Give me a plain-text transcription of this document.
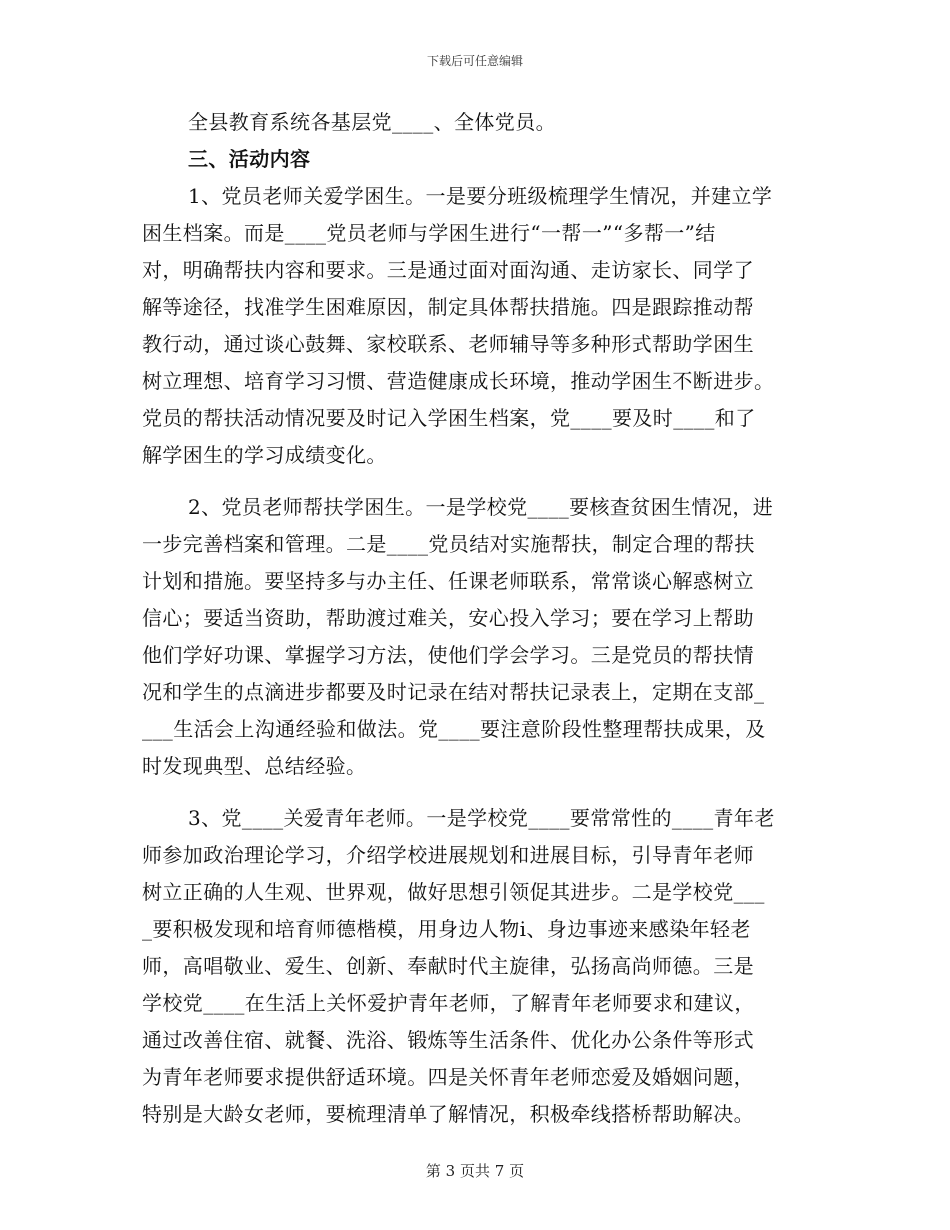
下载后可任意编辑
全县教育系统各基层党____、全体党员。
三、活动内容
1、党员老师关爱学困生。一是要分班级梳理学生情况，并建立学
困生档案。而是____党员老师与学困生进行“一帮一”“多帮一”结
对，明确帮扶内容和要求。三是通过面对面沟通、走访家长、同学了
解等途径，找准学生困难原因，制定具体帮扶措施。四是跟踪推动帮
教行动，通过谈心鼓舞、家校联系、老师辅导等多种形式帮助学困生
树立理想、培育学习习惯、营造健康成长环境，推动学困生不断进步。
党员的帮扶活动情况要及时记入学困生档案，党____要及时____和了
解学困生的学习成绩变化。
2、党员老师帮扶学困生。一是学校党____要核查贫困生情况，进
一步完善档案和管理。二是____党员结对实施帮扶，制定合理的帮扶
计划和措施。要坚持多与办主任、任课老师联系，常常谈心解惑树立
信心；要适当资助，帮助渡过难关，安心投入学习；要在学习上帮助
他们学好功课、掌握学习方法，使他们学会学习。三是党员的帮扶情
况和学生的点滴进步都要及时记录在结对帮扶记录表上，定期在支部_
___生活会上沟通经验和做法。党____要注意阶段性整理帮扶成果，及
时发现典型、总结经验。
3、党____关爱青年老师。一是学校党____要常常性的____青年老
师参加政治理论学习，介绍学校进展规划和进展目标，引导青年老师
树立正确的人生观、世界观，做好思想引领促其进步。二是学校党___
_要积极发现和培育师德楷模，用身边人物i、身边事迹来感染年轻老
师，高唱敬业、爱生、创新、奉献时代主旋律，弘扬高尚师德。三是
学校党____在生活上关怀爱护青年老师，了解青年老师要求和建议，
通过改善住宿、就餐、洗浴、锻炼等生活条件、优化办公条件等形式
为青年老师要求提供舒适环境。四是关怀青年老师恋爱及婚姻问题，
特别是大龄女老师，要梳理清单了解情况，积极牵线搭桥帮助解决。
第 3 页共 7 页
